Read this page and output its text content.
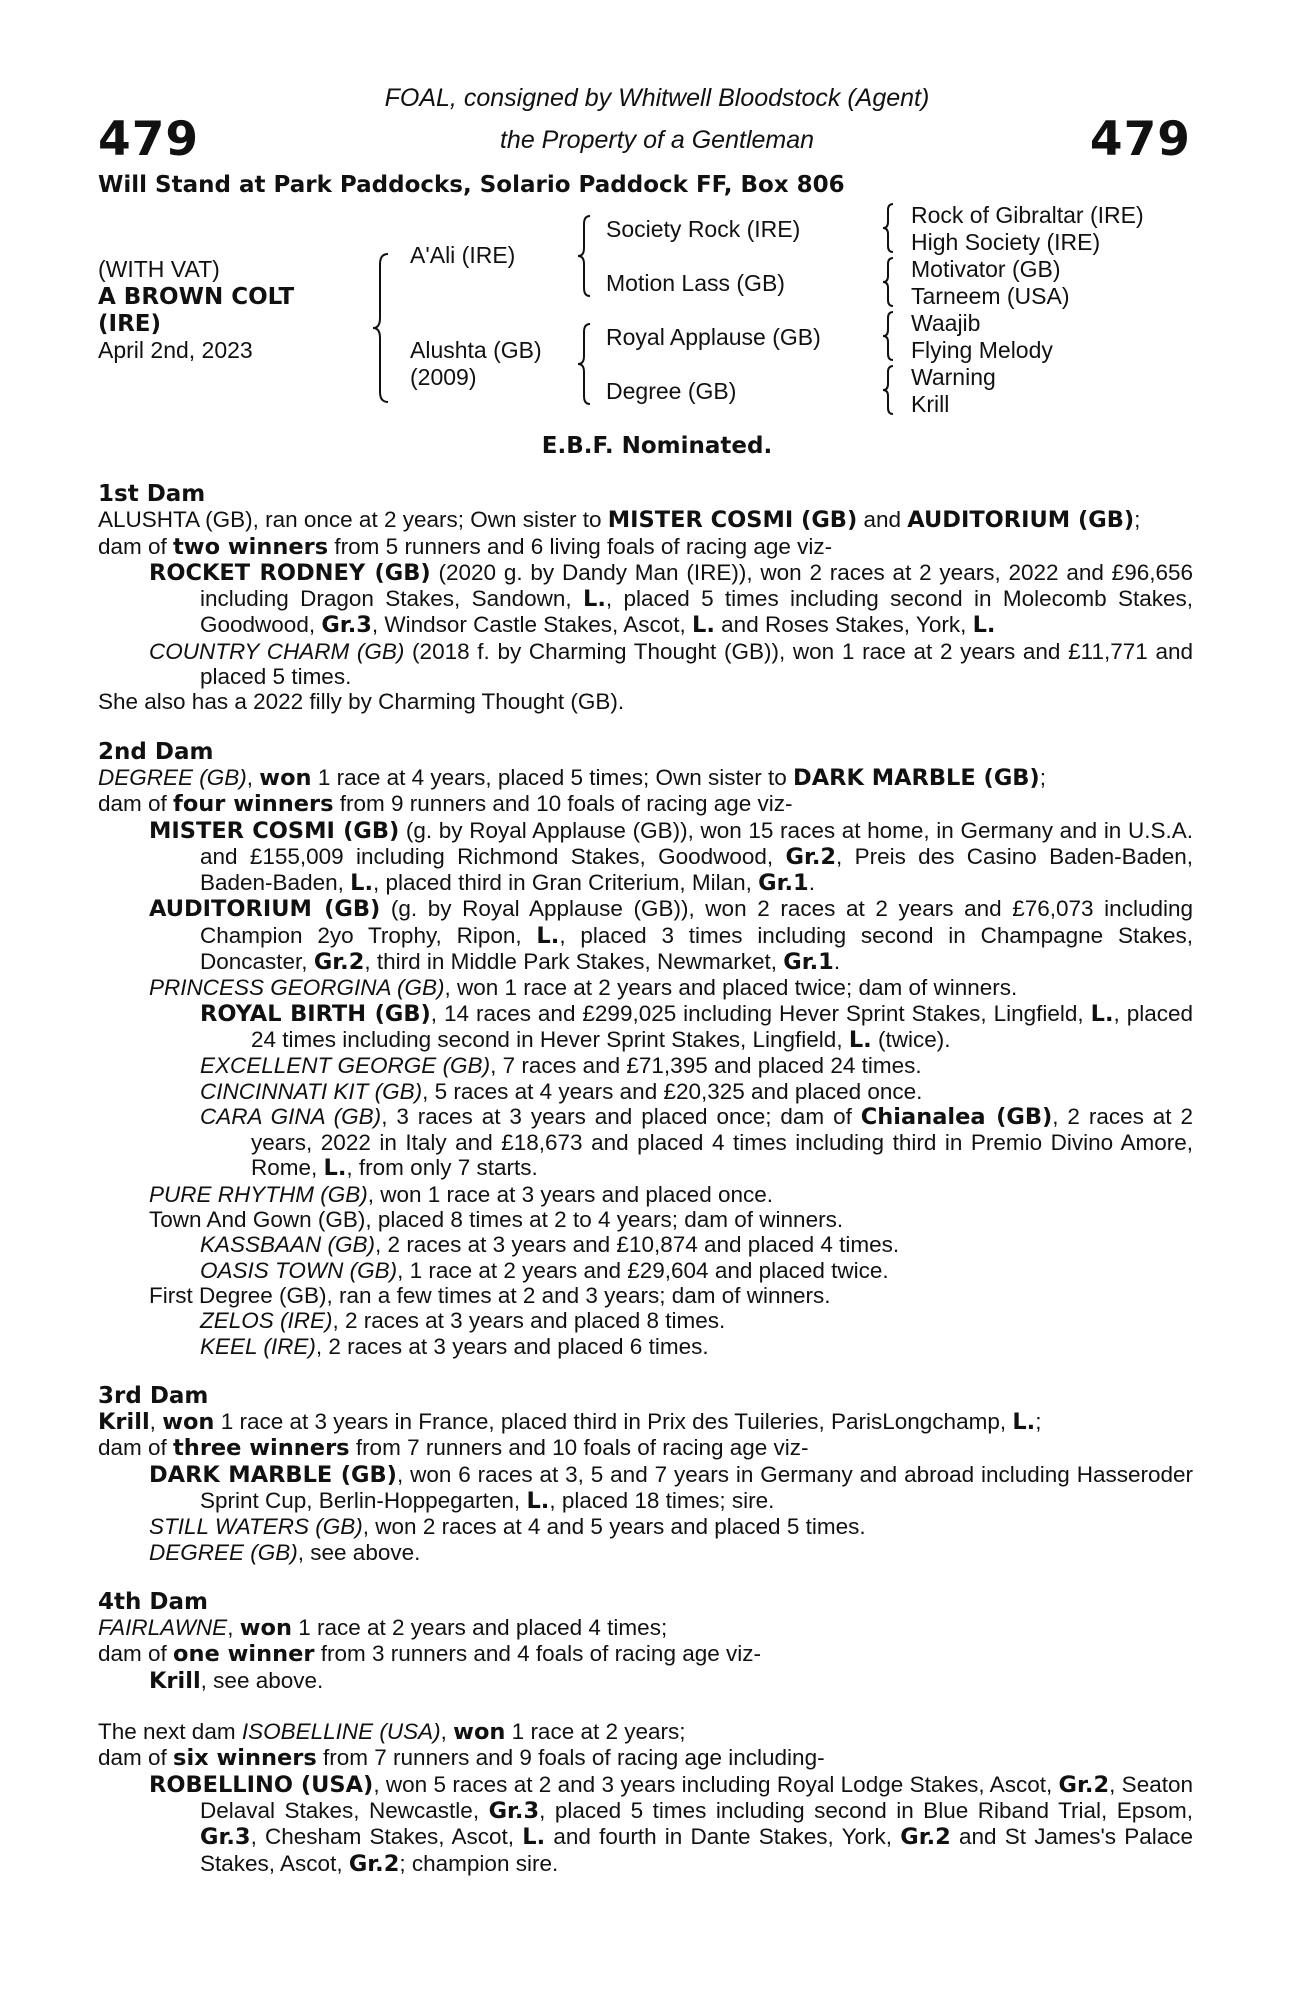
479	479
FOAL, consigned by Whitwell Bloodstock (Agent)
the Property of a Gentleman
Will Stand at Park Paddocks, Solario Paddock FF, Box 806
(WITH VAT)
A BROWN COLT
(IRE)
April 2nd, 2023
A'Ali (IRE)
Alushta (GB)
(2009)
Society Rock (IRE)
Motion Lass (GB)
Royal Applause (GB)
Degree (GB)
Rock of Gibraltar (IRE)
High Society (IRE)
Motivator (GB)
Tarneem (USA)
Waajib
Flying Melody
Warning
Krill
E.B.F. Nominated.

1st Dam

ALUSHTA (GB), ran once at 2 years; Own sister to MISTER COSMI (GB) and AUDITORIUM (GB);

dam of two winners from 5 runners and 6 living foals of racing age viz-

ROCKET RODNEY (GB) (2020 g. by Dandy Man (IRE)), won 2 races at 2 years, 2022 and £96,656 including Dragon Stakes, Sandown, L., placed 5 times including second in Molecomb Stakes, Goodwood, Gr.3, Windsor Castle Stakes, Ascot, L. and Roses Stakes, York, L.

COUNTRY CHARM (GB) (2018 f. by Charming Thought (GB)), won 1 race at 2 years and £11,771 and placed 5 times.

She also has a 2022 filly by Charming Thought (GB).

2nd Dam

DEGREE (GB), won 1 race at 4 years, placed 5 times; Own sister to DARK MARBLE (GB);

dam of four winners from 9 runners and 10 foals of racing age viz-

MISTER COSMI (GB) (g. by Royal Applause (GB)), won 15 races at home, in Germany and in U.S.A. and £155,009 including Richmond Stakes, Goodwood, Gr.2, Preis des Casino Baden-Baden, Baden-Baden, L., placed third in Gran Criterium, Milan, Gr.1.

AUDITORIUM (GB) (g. by Royal Applause (GB)), won 2 races at 2 years and £76,073 including Champion 2yo Trophy, Ripon, L., placed 3 times including second in Champagne Stakes, Doncaster, Gr.2, third in Middle Park Stakes, Newmarket, Gr.1.

PRINCESS GEORGINA (GB), won 1 race at 2 years and placed twice; dam of winners.

ROYAL BIRTH (GB), 14 races and £299,025 including Hever Sprint Stakes, Lingfield, L., placed 24 times including second in Hever Sprint Stakes, Lingfield, L. (twice).

EXCELLENT GEORGE (GB), 7 races and £71,395 and placed 24 times.

CINCINNATI KIT (GB), 5 races at 4 years and £20,325 and placed once.

CARA GINA (GB), 3 races at 3 years and placed once; dam of Chianalea (GB), 2 races at 2 years, 2022 in Italy and £18,673 and placed 4 times including third in Premio Divino Amore, Rome, L., from only 7 starts.

PURE RHYTHM (GB), won 1 race at 3 years and placed once.

Town And Gown (GB), placed 8 times at 2 to 4 years; dam of winners.

KASSBAAN (GB), 2 races at 3 years and £10,874 and placed 4 times.

OASIS TOWN (GB), 1 race at 2 years and £29,604 and placed twice.

First Degree (GB), ran a few times at 2 and 3 years; dam of winners.

ZELOS (IRE), 2 races at 3 years and placed 8 times.

KEEL (IRE), 2 races at 3 years and placed 6 times.

3rd Dam

Krill, won 1 race at 3 years in France, placed third in Prix des Tuileries, ParisLongchamp, L.;

dam of three winners from 7 runners and 10 foals of racing age viz-

DARK MARBLE (GB), won 6 races at 3, 5 and 7 years in Germany and abroad including Hasseroder Sprint Cup, Berlin-Hoppegarten, L., placed 18 times; sire.

STILL WATERS (GB), won 2 races at 4 and 5 years and placed 5 times.

DEGREE (GB), see above.

4th Dam

FAIRLAWNE, won 1 race at 2 years and placed 4 times;

dam of one winner from 3 runners and 4 foals of racing age viz-

Krill, see above.

The next dam ISOBELLINE (USA), won 1 race at 2 years;

dam of six winners from 7 runners and 9 foals of racing age including-

ROBELLINO (USA), won 5 races at 2 and 3 years including Royal Lodge Stakes, Ascot, Gr.2, Seaton Delaval Stakes, Newcastle, Gr.3, placed 5 times including second in Blue Riband Trial, Epsom, Gr.3, Chesham Stakes, Ascot, L. and fourth in Dante Stakes, York, Gr.2 and St James's Palace Stakes, Ascot, Gr.2; champion sire.
